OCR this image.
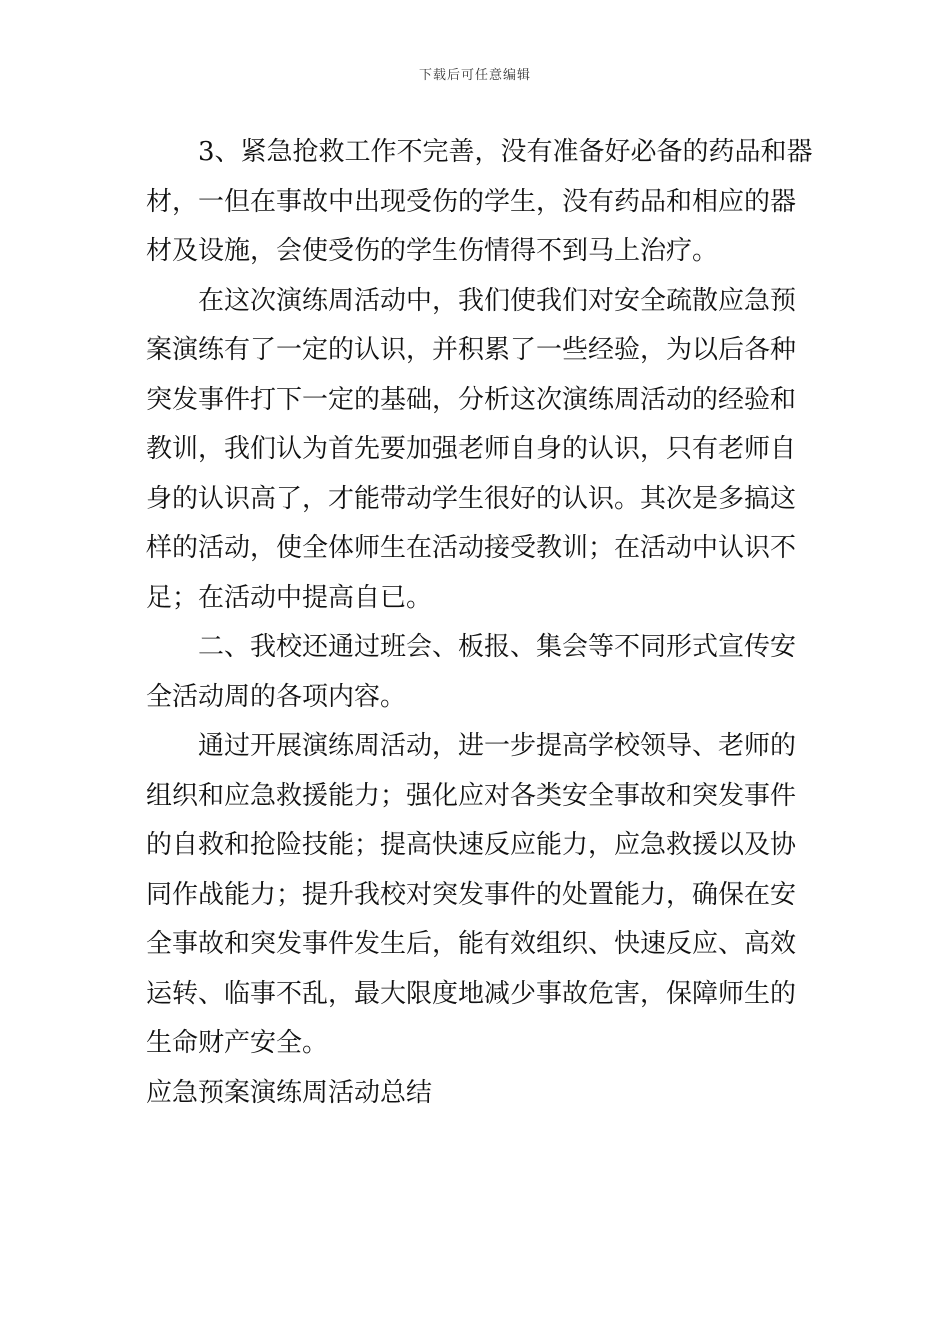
下载后可任意编辑
3、紧急抢救工作不完善，没有准备好必备的药品和器
材，一但在事故中出现受伤的学生，没有药品和相应的器
材及设施，会使受伤的学生伤情得不到马上治疗。
在这次演练周活动中，我们使我们对安全疏散应急预
案演练有了一定的认识，并积累了一些经验，为以后各种
突发事件打下一定的基础，分析这次演练周活动的经验和
教训，我们认为首先要加强老师自身的认识，只有老师自
身的认识高了，才能带动学生很好的认识。其次是多搞这
样的活动，使全体师生在活动接受教训；在活动中认识不
足；在活动中提高自已。
二、我校还通过班会、板报、集会等不同形式宣传安
全活动周的各项内容。
通过开展演练周活动，进一步提高学校领导、老师的
组织和应急救援能力；强化应对各类安全事故和突发事件
的自救和抢险技能；提高快速反应能力，应急救援以及协
同作战能力；提升我校对突发事件的处置能力，确保在安
全事故和突发事件发生后，能有效组织、快速反应、高效
运转、临事不乱，最大限度地减少事故危害，保障师生的
生命财产安全。
应急预案演练周活动总结
